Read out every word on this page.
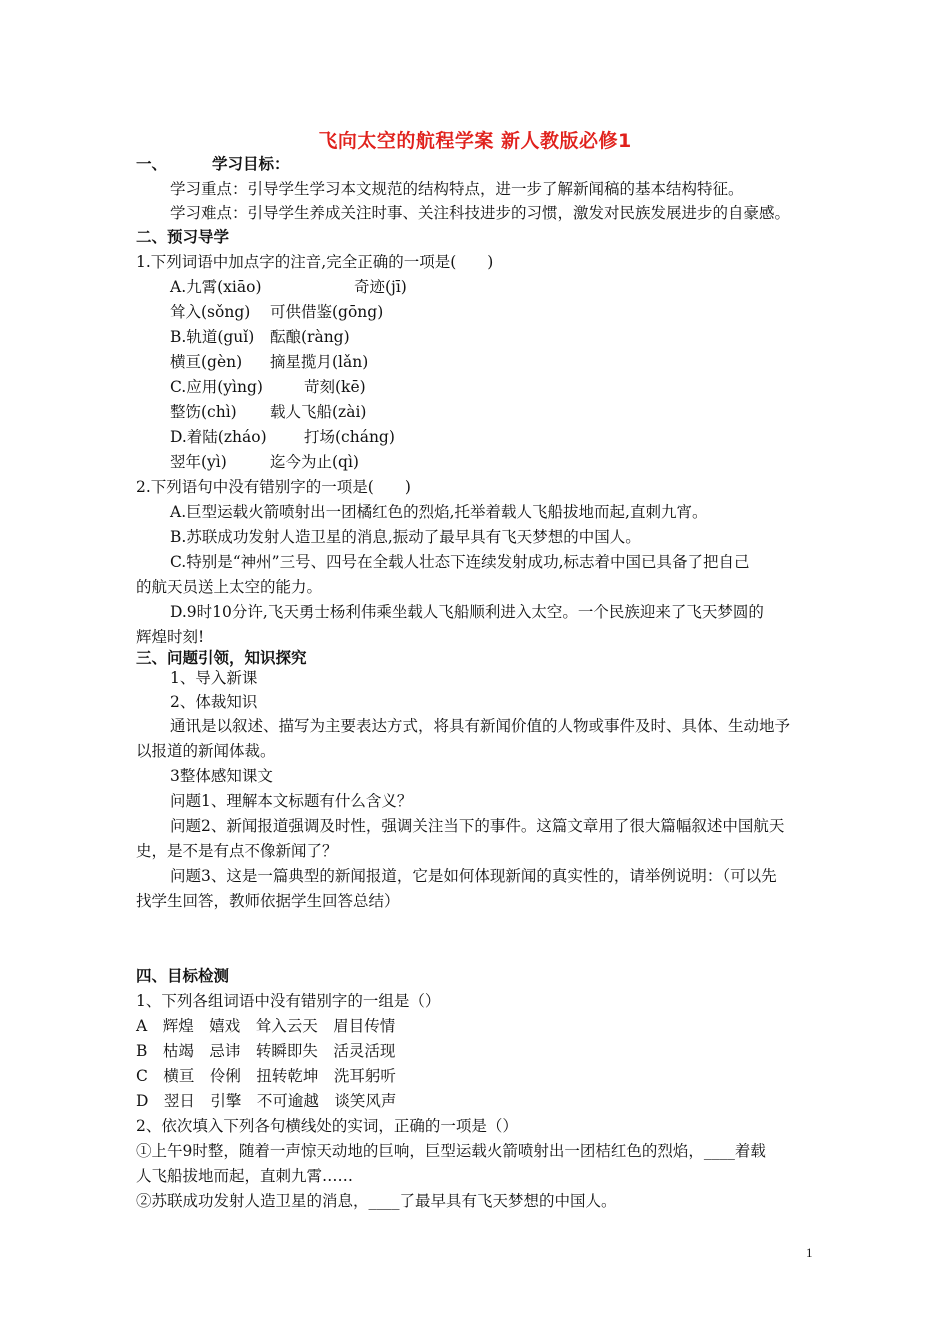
飞向太空的航程学案 新人教版必修1
一、	学习目标：
学习重点：引导学生学习本文规范的结构特点，进一步了解新闻稿的基本结构特征。
学习难点：引导学生养成关注时事、关注科技进步的习惯，激发对民族发展进步的自豪感。
二、预习导学
1.下列词语中加点字的注音,完全正确的一项是(　　)
A.九霄(xiāo)	奇迹(jī)
耸入(sǒng) 可供借鉴(gōng)
B.轨道(guǐ) 酝酿(ràng)
横亘(gèn) 摘星揽月(lǎn)
C.应用(yìng)	苛刻(kē)
整饬(chì) 载人飞船(zài)
D.着陆(zháo) 打场(cháng)
翌年(yì)	迄今为止(qì)
2.下列语句中没有错别字的一项是(　　)
A.巨型运载火箭喷射出一团橘红色的烈焰,托举着载人飞船拔地而起,直刺九宵。
B.苏联成功发射人造卫星的消息,振动了最早具有飞天梦想的中国人。
C.特别是“神州”三号、四号在全载人壮态下连续发射成功,标志着中国已具备了把自己
的航天员送上太空的能力。
D.9时10分许,飞天勇士杨利伟乘坐载人飞船顺利进入太空。一个民族迎来了飞天梦圆的
辉煌时刻!
三、问题引领，知识探究
1、导入新课
2、体裁知识
通讯是以叙述、描写为主要表达方式，将具有新闻价值的人物或事件及时、具体、生动地予
以报道的新闻体裁。
3整体感知课文
问题1、理解本文标题有什么含义？
问题2、新闻报道强调及时性，强调关注当下的事件。这篇文章用了很大篇幅叙述中国航天
史，是不是有点不像新闻了？
问题3、这是一篇典型的新闻报道，它是如何体现新闻的真实性的，请举例说明：（可以先
找学生回答，教师依据学生回答总结）
四、目标检测
1、下列各组词语中没有错别字的一组是（）
A　辉煌　嬉戏　耸入云天　眉目传情
B　枯竭　忌讳　转瞬即失　活灵活现
C　横亘　伶俐　扭转乾坤　洗耳躬听
D　翌日　引擎　不可逾越　谈笑风声
2、依次填入下列各句横线处的实词，正确的一项是（）
①上午9时整，随着一声惊天动地的巨响，巨型运载火箭喷射出一团桔红色的烈焰，____着载
人飞船拔地而起，直刺九霄……
②苏联成功发射人造卫星的消息，____了最早具有飞天梦想的中国人。
1
